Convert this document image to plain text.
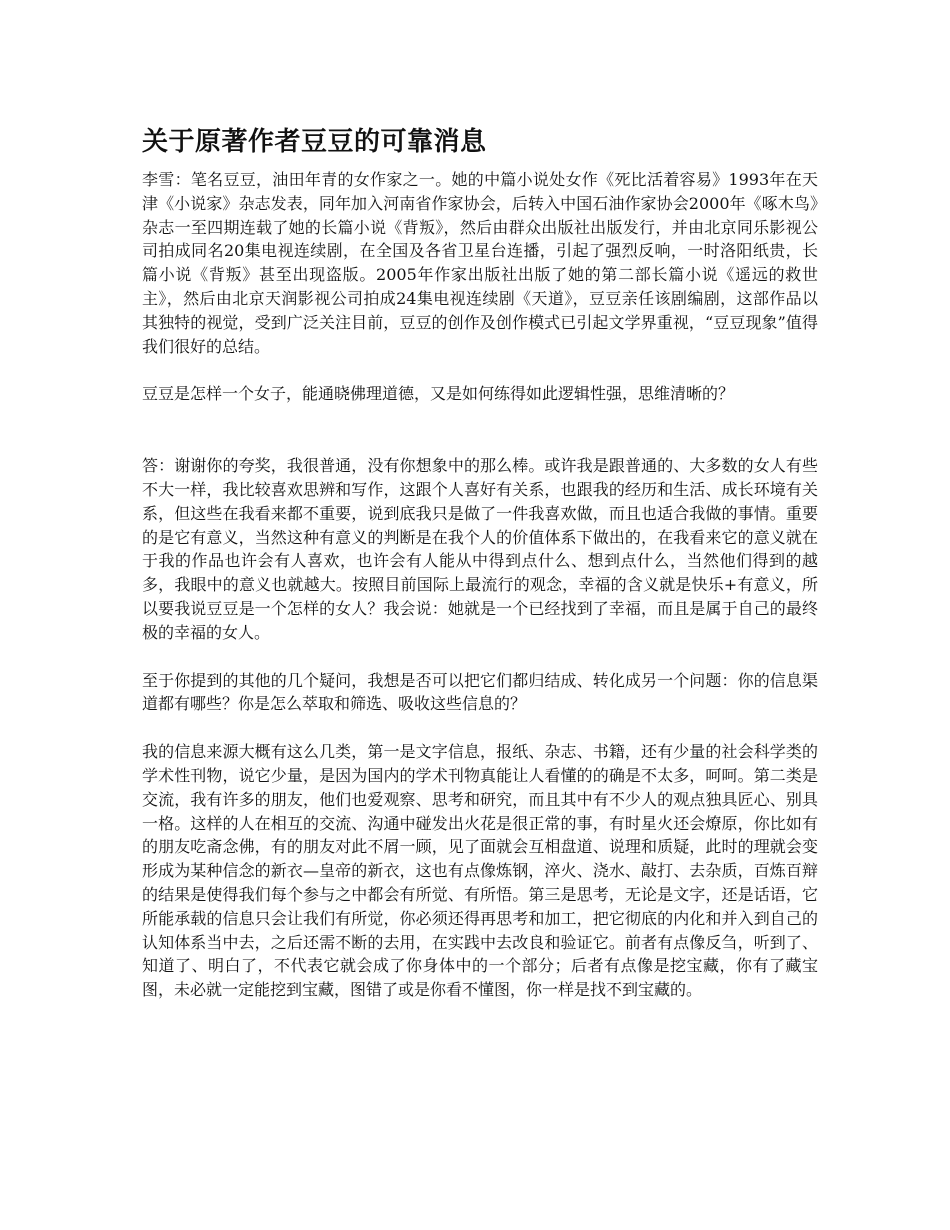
关于原著作者豆豆的可靠消息

李雪：笔名豆豆，油田年青的女作家之一。她的中篇小说处女作《死比活着容易》1993年在天津《小说家》杂志发表，同年加入河南省作家协会，后转入中国石油作家协会2000年《啄木鸟》杂志一至四期连载了她的长篇小说《背叛》，然后由群众出版社出版发行，并由北京同乐影视公司拍成同名20集电视连续剧，在全国及各省卫星台连播，引起了强烈反响，一时洛阳纸贵，长篇小说《背叛》甚至出现盗版。2005年作家出版社出版了她的第二部长篇小说《遥远的救世主》，然后由北京天润影视公司拍成24集电视连续剧《天道》，豆豆亲任该剧编剧，这部作品以其独特的视觉，受到广泛关注目前，豆豆的创作及创作模式已引起文学界重视，“豆豆现象”值得我们很好的总结。

豆豆是怎样一个女子，能通晓佛理道德，又是如何练得如此逻辑性强，思维清晰的？

答：谢谢你的夸奖，我很普通，没有你想象中的那么棒。或许我是跟普通的、大多数的女人有些不大一样，我比较喜欢思辨和写作，这跟个人喜好有关系，也跟我的经历和生活、成长环境有关系，但这些在我看来都不重要，说到底我只是做了一件我喜欢做，而且也适合我做的事情。重要的是它有意义，当然这种有意义的判断是在我个人的价值体系下做出的，在我看来它的意义就在于我的作品也许会有人喜欢，也许会有人能从中得到点什么、想到点什么，当然他们得到的越多，我眼中的意义也就越大。按照目前国际上最流行的观念，幸福的含义就是快乐+有意义，所以要我说豆豆是一个怎样的女人？我会说：她就是一个已经找到了幸福，而且是属于自己的最终极的幸福的女人。

至于你提到的其他的几个疑问，我想是否可以把它们都归结成、转化成另一个问题：你的信息渠道都有哪些？你是怎么萃取和筛选、吸收这些信息的？

我的信息来源大概有这么几类，第一是文字信息，报纸、杂志、书籍，还有少量的社会科学类的学术性刊物，说它少量，是因为国内的学术刊物真能让人看懂的的确是不太多，呵呵。第二类是交流，我有许多的朋友，他们也爱观察、思考和研究，而且其中有不少人的观点独具匠心、别具一格。这样的人在相互的交流、沟通中碰发出火花是很正常的事，有时星火还会燎原，你比如有的朋友吃斋念佛，有的朋友对此不屑一顾，见了面就会互相盘道、说理和质疑，此时的理就会变形成为某种信念的新衣—皇帝的新衣，这也有点像炼钢，淬火、浇水、敲打、去杂质，百炼百辩的结果是使得我们每个参与之中都会有所觉、有所悟。第三是思考，无论是文字，还是话语，它所能承载的信息只会让我们有所觉，你必须还得再思考和加工，把它彻底的内化和并入到自己的认知体系当中去，之后还需不断的去用，在实践中去改良和验证它。前者有点像反刍，听到了、知道了、明白了，不代表它就会成了你身体中的一个部分；后者有点像是挖宝藏，你有了藏宝图，未必就一定能挖到宝藏，图错了或是你看不懂图，你一样是找不到宝藏的。
